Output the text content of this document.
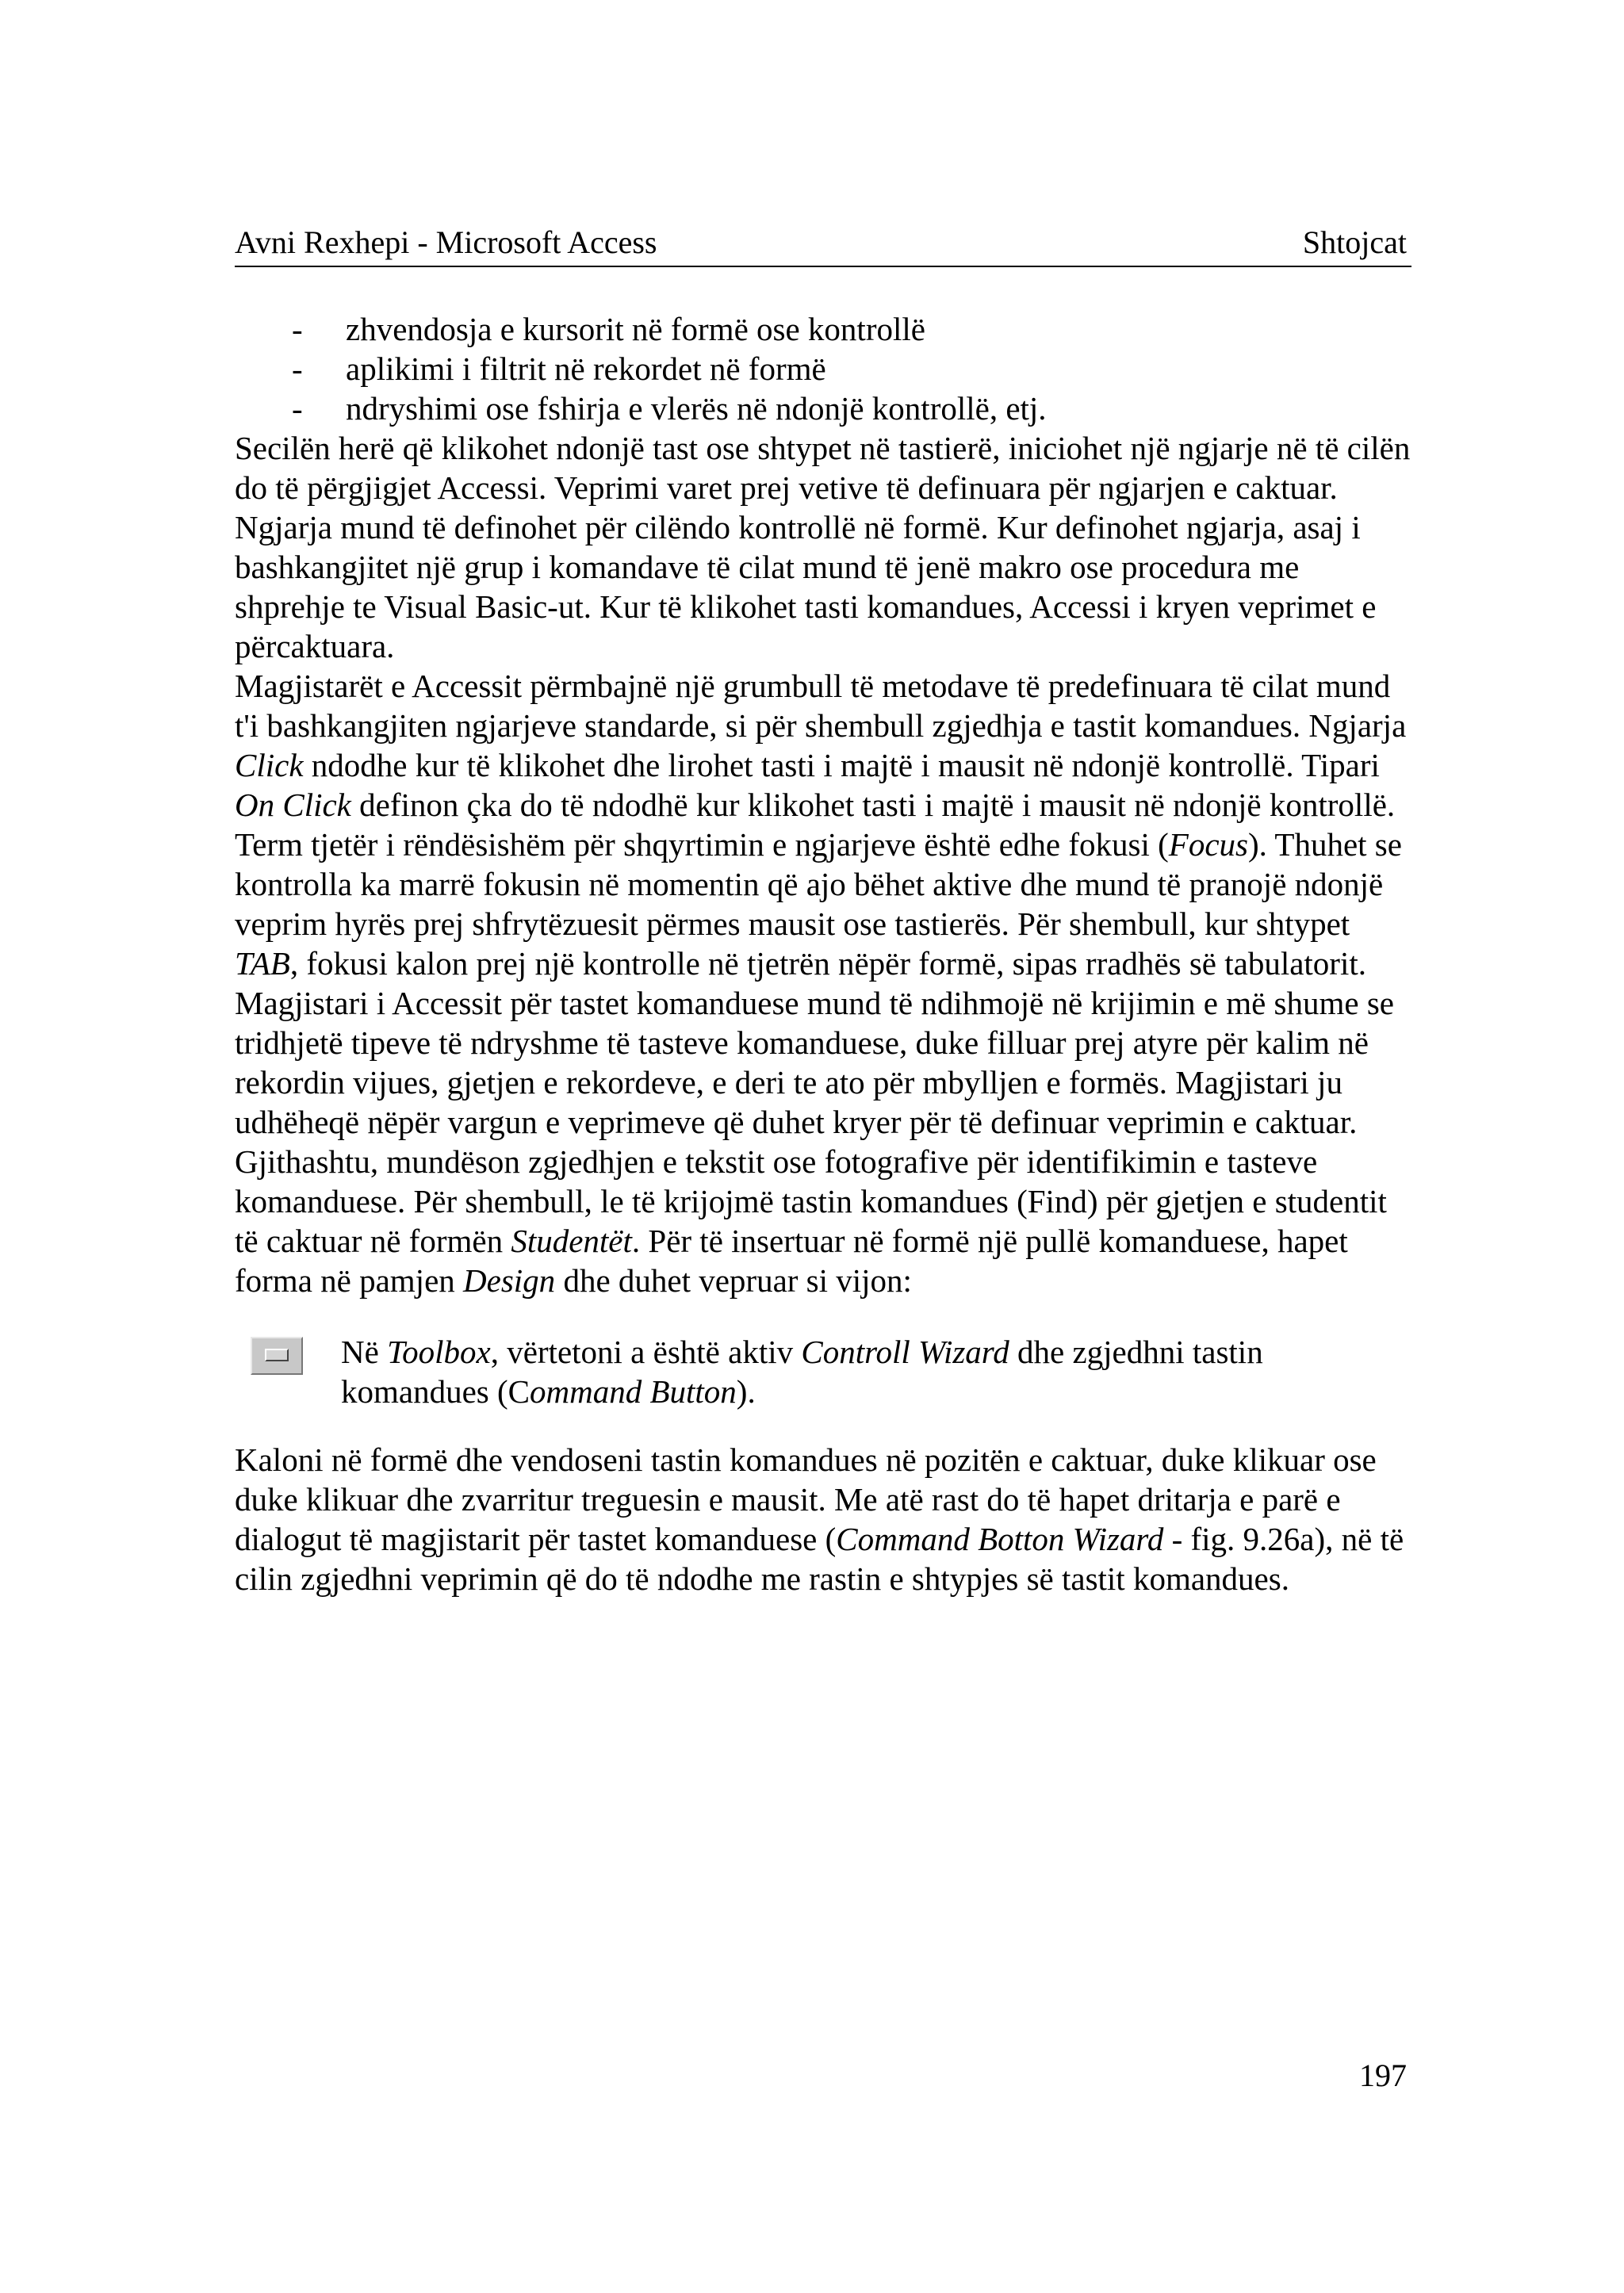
Avni Rexhepi - Microsoft Access	Shtojcat
- zhvendosja e kursorit në formë ose kontrollë
- aplikimi i filtrit në rekordet në formë
- ndryshimi ose fshirja e vlerës në ndonjë kontrollë, etj.

Secilën herë që klikohet ndonjë tast ose shtypet në tastierë, iniciohet një ngjarje në të cilën do të përgjigjet Accessi. Veprimi varet prej vetive të definuara për ngjarjen e caktuar. Ngjarja mund të definohet për cilëndo kontrollë në formë. Kur definohet ngjarja, asaj i bashkangjitet një grup i komandave të cilat mund të jenë makro ose procedura me shprehje te Visual Basic-ut. Kur të klikohet tasti komandues, Accessi i kryen veprimet e përcaktuara.

Magjistarët e Accessit përmbajnë një grumbull të metodave të predefinuara të cilat mund t'i bashkangjiten ngjarjeve standarde, si për shembull zgjedhja e tastit komandues. Ngjarja Click ndodhe kur të klikohet dhe lirohet tasti i majtë i mausit në ndonjë kontrollë. Tipari On Click definon çka do të ndodhë kur klikohet tasti i majtë i mausit në ndonjë kontrollë. Term tjetër i rëndësishëm për shqyrtimin e ngjarjeve është edhe fokusi (Focus). Thuhet se kontrolla ka marrë fokusin në momentin që ajo bëhet aktive dhe mund të pranojë ndonjë veprim hyrës prej shfrytëzuesit përmes mausit ose tastierës. Për shembull, kur shtypet TAB, fokusi kalon prej një kontrolle në tjetrën nëpër formë, sipas rradhës së tabulatorit.

Magjistari i Accessit për tastet komanduese mund të ndihmojë në krijimin e më shume se tridhjetë tipeve të ndryshme të tasteve komanduese, duke filluar prej atyre për kalim në rekordin vijues, gjetjen e rekordeve, e deri te ato për mbylljen e formës. Magjistari ju udhëheqë nëpër vargun e veprimeve që duhet kryer për të definuar veprimin e caktuar. Gjithashtu, mundëson zgjedhjen e tekstit ose fotografive për identifikimin e tasteve komanduese. Për shembull, le të krijojmë tastin komandues (Find) për gjetjen e studentit të caktuar në formën Studentët. Për të insertuar në formë një pullë komanduese, hapet forma në pamjen Design dhe duhet vepruar si vijon:

Në Toolbox, vërtetoni a është aktiv Controll Wizard dhe zgjedhni tastin komandues (Command Button).

Kaloni në formë dhe vendoseni tastin komandues në pozitën e caktuar, duke klikuar ose duke klikuar dhe zvarritur treguesin e mausit. Me atë rast do të hapet dritarja e parë e dialogut të magjistarit për tastet komanduese (Command Botton Wizard - fig. 9.26a), në të cilin zgjedhni veprimin që do të ndodhe me rastin e shtypjes së tastit komandues.

197
